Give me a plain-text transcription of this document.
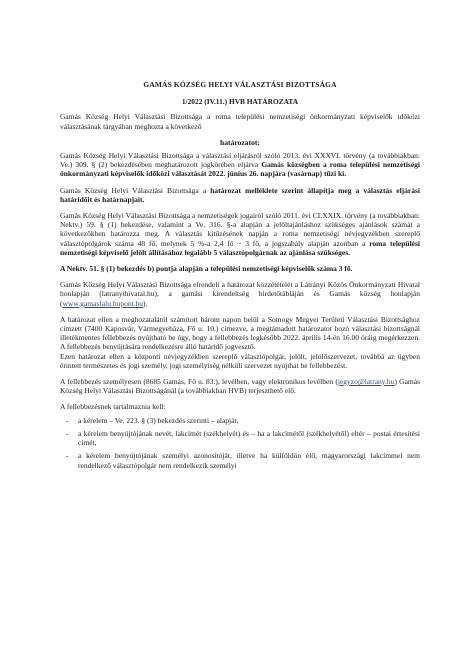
GAMÁS KÖZSÉG HELYI VÁLASZTÁSI BIZOTTSÁGA

1/2022 (IV.11.) HVB HATÁROZATA

Gamás Község Helyi Választási Bizottsága a roma települési nemzetiségi önkormányzati képviselők időközi választásának tárgyában meghozta a következő

határozatot:

Gamás Község Helyi Választási Bizottsága a választási eljárásról szóló 2013. évi XXXVI. törvény (a továbbiakban: Ve.) 309. § (2) bekezdésében meghatározott jogkörében eljárva Gamás községben a roma települési nemzetiségi önkormányzati képviselők időközi választását 2022. június 26. napjára (vasárnap) tűzi ki.

Gamás Község Helyi Választási Bizottsága a határozat melléklete szerint állapítja meg a választás eljárási határidőit és határnapjait.

Gamás Község Helyi Választási Bizottsága a nemzetiségek jogairól szóló 2011. évi CLXXIX. törvény (a továbbiakban: Nektv.) 59. § (1) bekezdése, valamint a Ve. 316. §-a alapján a jelöltajánláshoz szükséges ajánlások számát a következőkben határozza meg. A választás kitűzésének napján a roma nemzetiségi névjegyzékben szereplő választópolgárok száma 48 fő, melynek 5 %-a 2,4 fő ~ 3 fő, a jogszabály alapján azonban a roma települési nemzetiségi képviselő jelölt állításához legalább 5 választópolgárnak az ajánlása szükséges.

A Nektv. 51. § (1) bekezdés b) pontja alapján a települési nemzetiségi képviselők száma 3 fő.

Gamás Község Helyi Választási Bizottsága elrendeli a határozat közzétételét a Látrányi Közös Önkormányzati Hivatal honlapján (latranyihivatal.hu), a gamási kirendeltség hirdetőtábláján és Gamás község honlapján (www.gamasfalu.hupont.hu).

A határozat ellen a meghozatalától számított három napon belül a Somogy Megyei Területi Választási Bizottsághoz címzett (7400 Kaposvár, Vármegyeháza, Fő u. 10.) címezve, a megtámadott határozatot hozó választási bizottságnál illetékmentes fellebbezés nyújtható be úgy, hogy a fellebbezés legkésőbb 2022. április 14-én 16.00 óráig megérkezzen. A fellebbezés benyújtására rendelkezésre álló határidő jogvesztő.

Ezen határozat ellen a központi névjegyzékben szereplő választópolgár, jelölt, jelölőszervezet, továbbá az ügyben érintett természetes és jogi személy, jogi személyiség nélküli szervezet nyújthat be fellebbezést.

A fellebbezés személyesen (8685 Gamás, Fő u. 83.), levélben, vagy elektronikus levélben (jegyzo@latrany.hu) Gamás Község Helyi Választási Bizottságánál (a továbbiakban HVB) terjeszthető elő.

A fellebbezésnek tartalmaznia kell:

- a kérelem – Ve. 223. § (3) bekezdés szerinti – alapját,
- a kérelem benyújtójának nevét, lakcímét (székhelyét) és – ha a lakcímétől (székhelyétől) eltér – postai értesítési címét,
- a kérelem benyújtójának személyi azonosítóját, illetve ha külföldön élő, magyarországi lakcímmel nem rendelkező választópolgár nem rendelkezik személyi
